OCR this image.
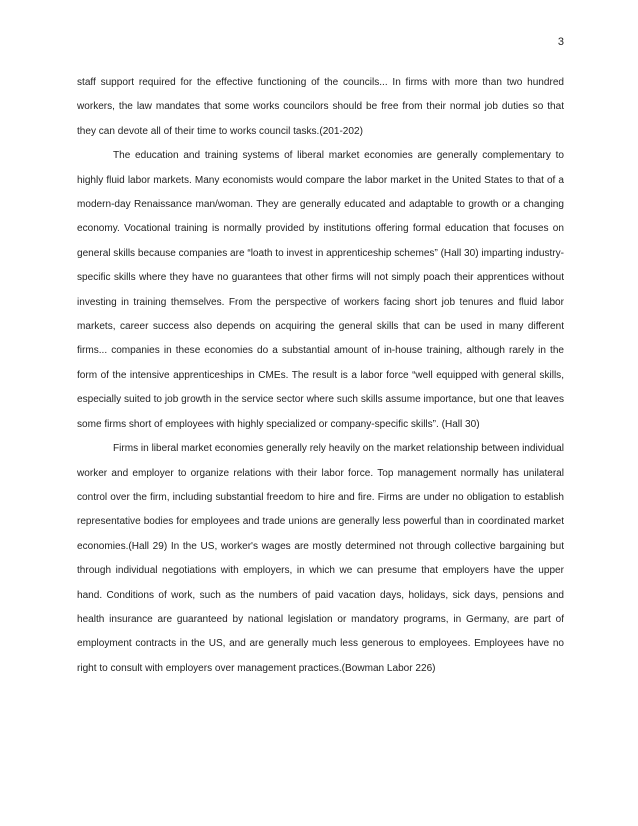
3

staff support required for the effective functioning of the councils... In firms with more than two hundred workers, the law mandates that some works councilors should be free from their normal job duties so that they can devote all of their time to works council tasks.(201-202)

The education and training systems of liberal market economies are generally complementary to highly fluid labor markets. Many economists would compare the labor market in the United States to that of a modern-day Renaissance man/woman. They are generally educated and adaptable to growth or a changing economy. Vocational training is normally provided by institutions offering formal education that focuses on general skills because companies are “loath to invest in apprenticeship schemes” (Hall 30) imparting industry-specific skills where they have no guarantees that other firms will not simply poach their apprentices without investing in training themselves. From the perspective of workers facing short job tenures and fluid labor markets, career success also depends on acquiring the general skills that can be used in many different firms... companies in these economies do a substantial amount of in-house training, although rarely in the form of the intensive apprenticeships in CMEs. The result is a labor force “well equipped with general skills, especially suited to job growth in the service sector where such skills assume importance, but one that leaves some firms short of employees with highly specialized or company-specific skills”. (Hall 30)

Firms in liberal market economies generally rely heavily on the market relationship between individual worker and employer to organize relations with their labor force. Top management normally has unilateral control over the firm, including substantial freedom to hire and fire. Firms are under no obligation to establish representative bodies for employees and trade unions are generally less powerful than in coordinated market economies.(Hall 29) In the US, worker's wages are mostly determined not through collective bargaining but through individual negotiations with employers, in which we can presume that employers have the upper hand. Conditions of work, such as the numbers of paid vacation days, holidays, sick days, pensions and health insurance are guaranteed by national legislation or mandatory programs, in Germany, are part of employment contracts in the US, and are generally much less generous to employees. Employees have no right to consult with employers over management practices.(Bowman Labor 226)
